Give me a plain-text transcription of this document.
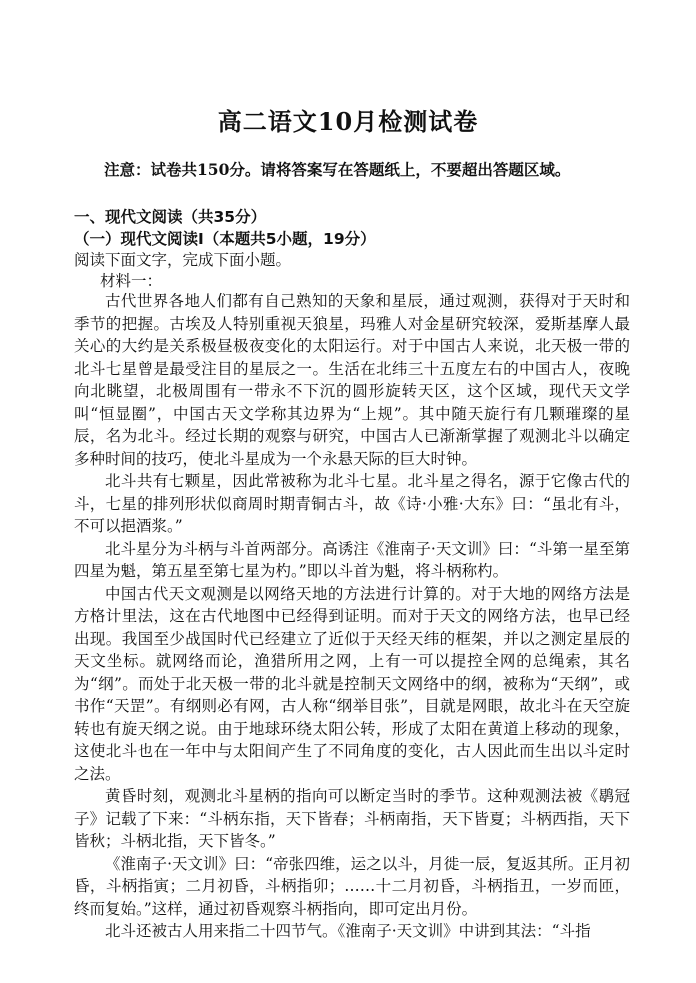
高二语文10月检测试卷
注意：试卷共150分。请将答案写在答题纸上，不要超出答题区域。
一、现代文阅读（共35分）
（一）现代文阅读Ⅰ（本题共5小题，19分）
阅读下面文字，完成下面小题。
材料一：

古代世界各地人们都有自己熟知的天象和星辰，通过观测，获得对于天时和季节的把握。古埃及人特别重视天狼星，玛雅人对金星研究较深，爱斯基摩人最关心的大约是关系极昼极夜变化的太阳运行。对于中国古人来说，北天极一带的北斗七星曾是最受注目的星辰之一。生活在北纬三十五度左右的中国古人，夜晚向北眺望，北极周围有一带永不下沉的圆形旋转天区，这个区域，现代天文学叫“恒显圈”，中国古天文学称其边界为“上规”。其中随天旋行有几颗璀璨的星辰，名为北斗。经过长期的观察与研究，中国古人已渐渐掌握了观测北斗以确定多种时间的技巧，使北斗星成为一个永悬天际的巨大时钟。

北斗共有七颗星，因此常被称为北斗七星。北斗星之得名，源于它像古代的斗，七星的排列形状似商周时期青铜古斗，故《诗·小雅·大东》曰：“虽北有斗，不可以挹酒浆。”

北斗星分为斗柄与斗首两部分。高诱注《淮南子·天文训》曰：“斗第一星至第四星为魁，第五星至第七星为杓。”即以斗首为魁，将斗柄称杓。

中国古代天文观测是以网络天地的方法进行计算的。对于大地的网络方法是方格计里法，这在古代地图中已经得到证明。而对于天文的网络方法，也早已经出现。我国至少战国时代已经建立了近似于天经天纬的框架，并以之测定星辰的天文坐标。就网络而论，渔猎所用之网，上有一可以提控全网的总绳索，其名为“纲”。而处于北天极一带的北斗就是控制天文网络中的纲，被称为“天纲”，或书作“天罡”。有纲则必有网，古人称“纲举目张”，目就是网眼，故北斗在天空旋转也有旋天纲之说。由于地球环绕太阳公转，形成了太阳在黄道上移动的现象，这使北斗也在一年中与太阳间产生了不同角度的变化，古人因此而生出以斗定时之法。

黄昏时刻，观测北斗星柄的指向可以断定当时的季节。这种观测法被《鹖冠子》记载了下来：“斗柄东指，天下皆春；斗柄南指，天下皆夏；斗柄西指，天下皆秋；斗柄北指，天下皆冬。”

《淮南子·天文训》曰：“帝张四维，运之以斗，月徙一辰，复返其所。正月初昏，斗柄指寅；二月初昏，斗柄指卯；……十二月初昏，斗柄指丑，一岁而匝，终而复始。”这样，通过初昏观察斗柄指向，即可定出月份。

北斗还被古人用来指二十四节气。《淮南子·天文训》中讲到其法：“斗指
